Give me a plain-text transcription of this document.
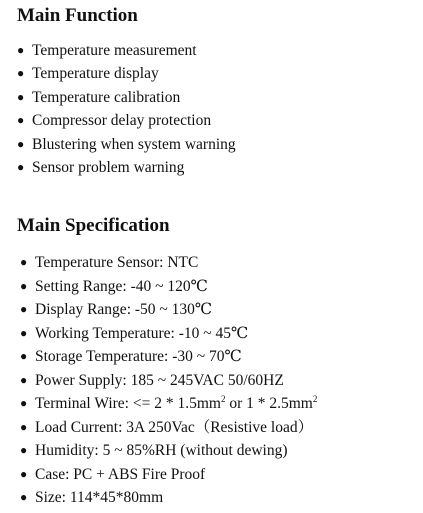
Main Function
● Temperature measurement
● Temperature display
● Temperature calibration
● Compressor delay protection
● Blustering when system warning
● Sensor problem warning
Main Specification
● Temperature Sensor: NTC
● Setting Range: -40 ~ 120℃
● Display Range: -50 ~ 130℃
● Working Temperature: -10 ~ 45℃
● Storage Temperature: -30 ~ 70℃
● Power Supply: 185 ~ 245VAC 50/60HZ
● Terminal Wire: <= $2 * 1.5mm^2$ or $1 * 2.5mm^2$
● Load Current: 3A 250Vac（Resistive load）
● Humidity: 5 ~ 85%RH (without dewing)
● Case: PC + ABS Fire Proof
● Size: 114*45*80mm
